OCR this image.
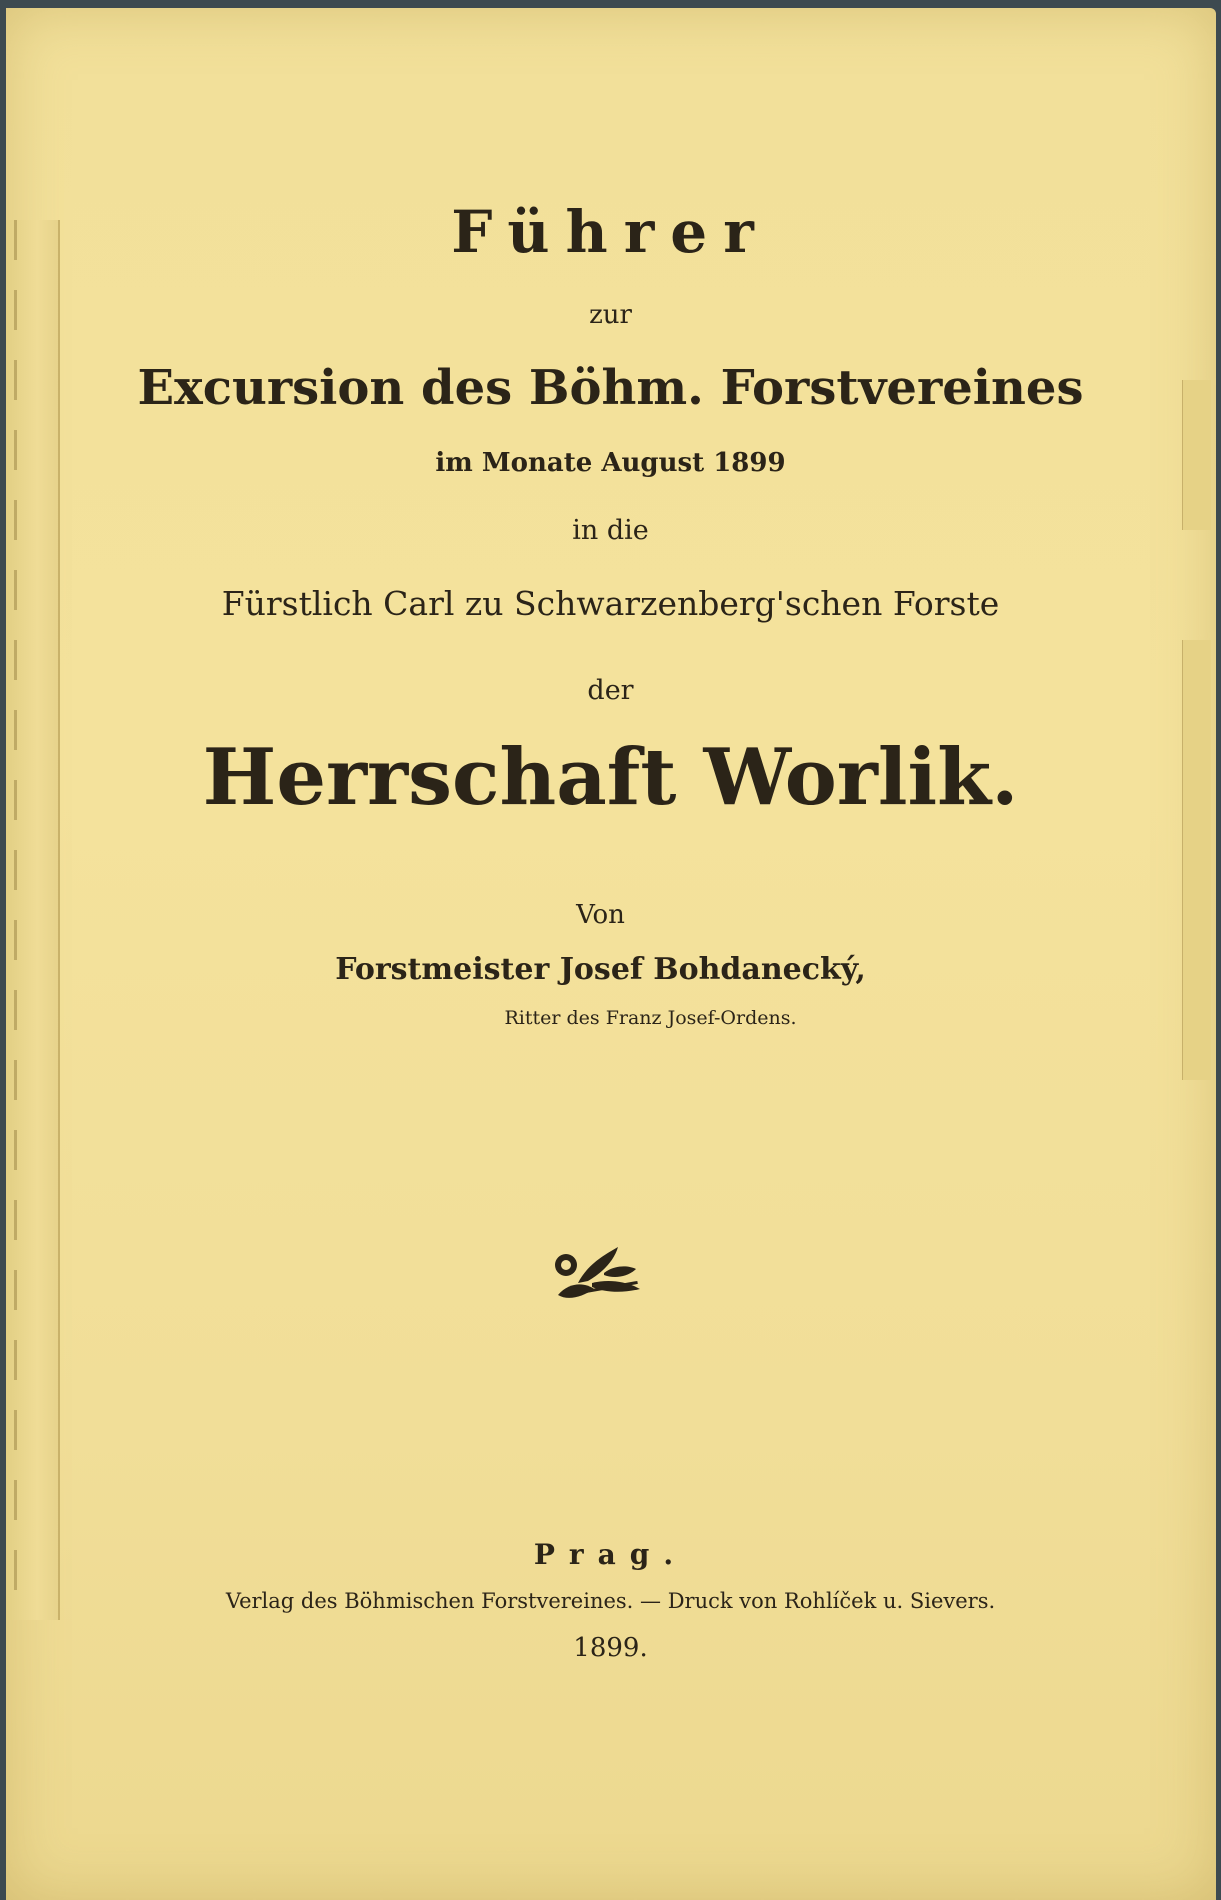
Führer
zur
Excursion des Böhm. Forstvereines
im Monate August 1899
in die
Fürstlich Carl zu Schwarzenberg'schen Forste
der
Herrschaft Worlik.
Von
Forstmeister Josef Bohdanecký,
Ritter des Franz Josef-Ordens.
Prag.
Verlag des Böhmischen Forstvereines. — Druck von Rohlíček u. Sievers.
1899.
